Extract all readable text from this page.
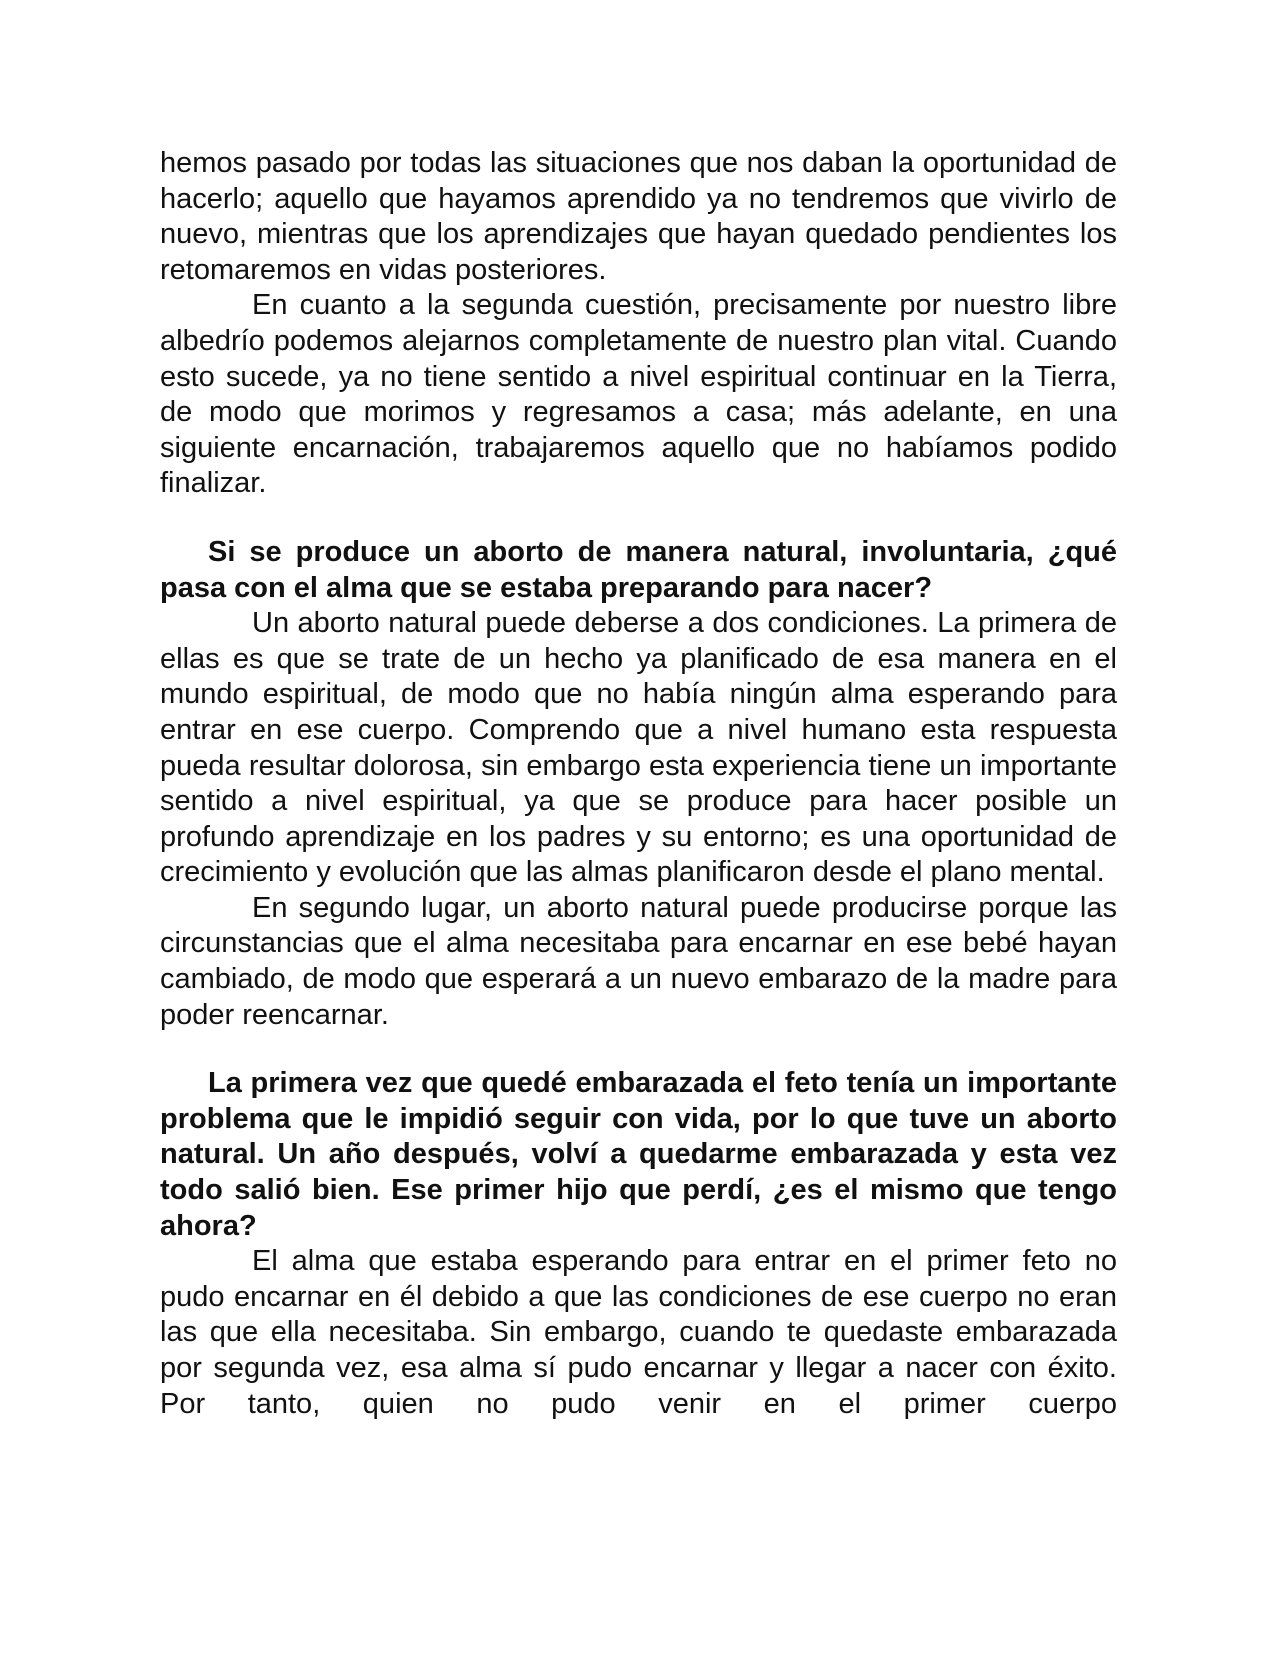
hemos pasado por todas las situaciones que nos daban la oportunidad de hacerlo; aquello que hayamos aprendido ya no tendremos que vivirlo de nuevo, mientras que los aprendizajes que hayan quedado pendientes los retomaremos en vidas posteriores.

En cuanto a la segunda cuestión, precisamente por nuestro libre albedrío podemos alejarnos completamente de nuestro plan vital. Cuando esto sucede, ya no tiene sentido a nivel espiritual continuar en la Tierra, de modo que morimos y regresamos a casa; más adelante, en una siguiente encarnación, trabajaremos aquello que no habíamos podido finalizar.

Si se produce un aborto de manera natural, involuntaria, ¿qué pasa con el alma que se estaba preparando para nacer?

Un aborto natural puede deberse a dos condiciones. La primera de ellas es que se trate de un hecho ya planificado de esa manera en el mundo espiritual, de modo que no había ningún alma esperando para entrar en ese cuerpo. Comprendo que a nivel humano esta respuesta pueda resultar dolorosa, sin embargo esta experiencia tiene un importante sentido a nivel espiritual, ya que se produce para hacer posible un profundo aprendizaje en los padres y su entorno; es una oportunidad de crecimiento y evolución que las almas planificaron desde el plano mental.

En segundo lugar, un aborto natural puede producirse porque las circunstancias que el alma necesitaba para encarnar en ese bebé hayan cambiado, de modo que esperará a un nuevo embarazo de la madre para poder reencarnar.

La primera vez que quedé embarazada el feto tenía un importante problema que le impidió seguir con vida, por lo que tuve un aborto natural. Un año después, volví a quedarme embarazada y esta vez todo salió bien. Ese primer hijo que perdí, ¿es el mismo que tengo ahora?

El alma que estaba esperando para entrar en el primer feto no pudo encarnar en él debido a que las condiciones de ese cuerpo no eran las que ella necesitaba. Sin embargo, cuando te quedaste embarazada por segunda vez, esa alma sí pudo encarnar y llegar a nacer con éxito. Por tanto, quien no pudo venir en el primer cuerpo
